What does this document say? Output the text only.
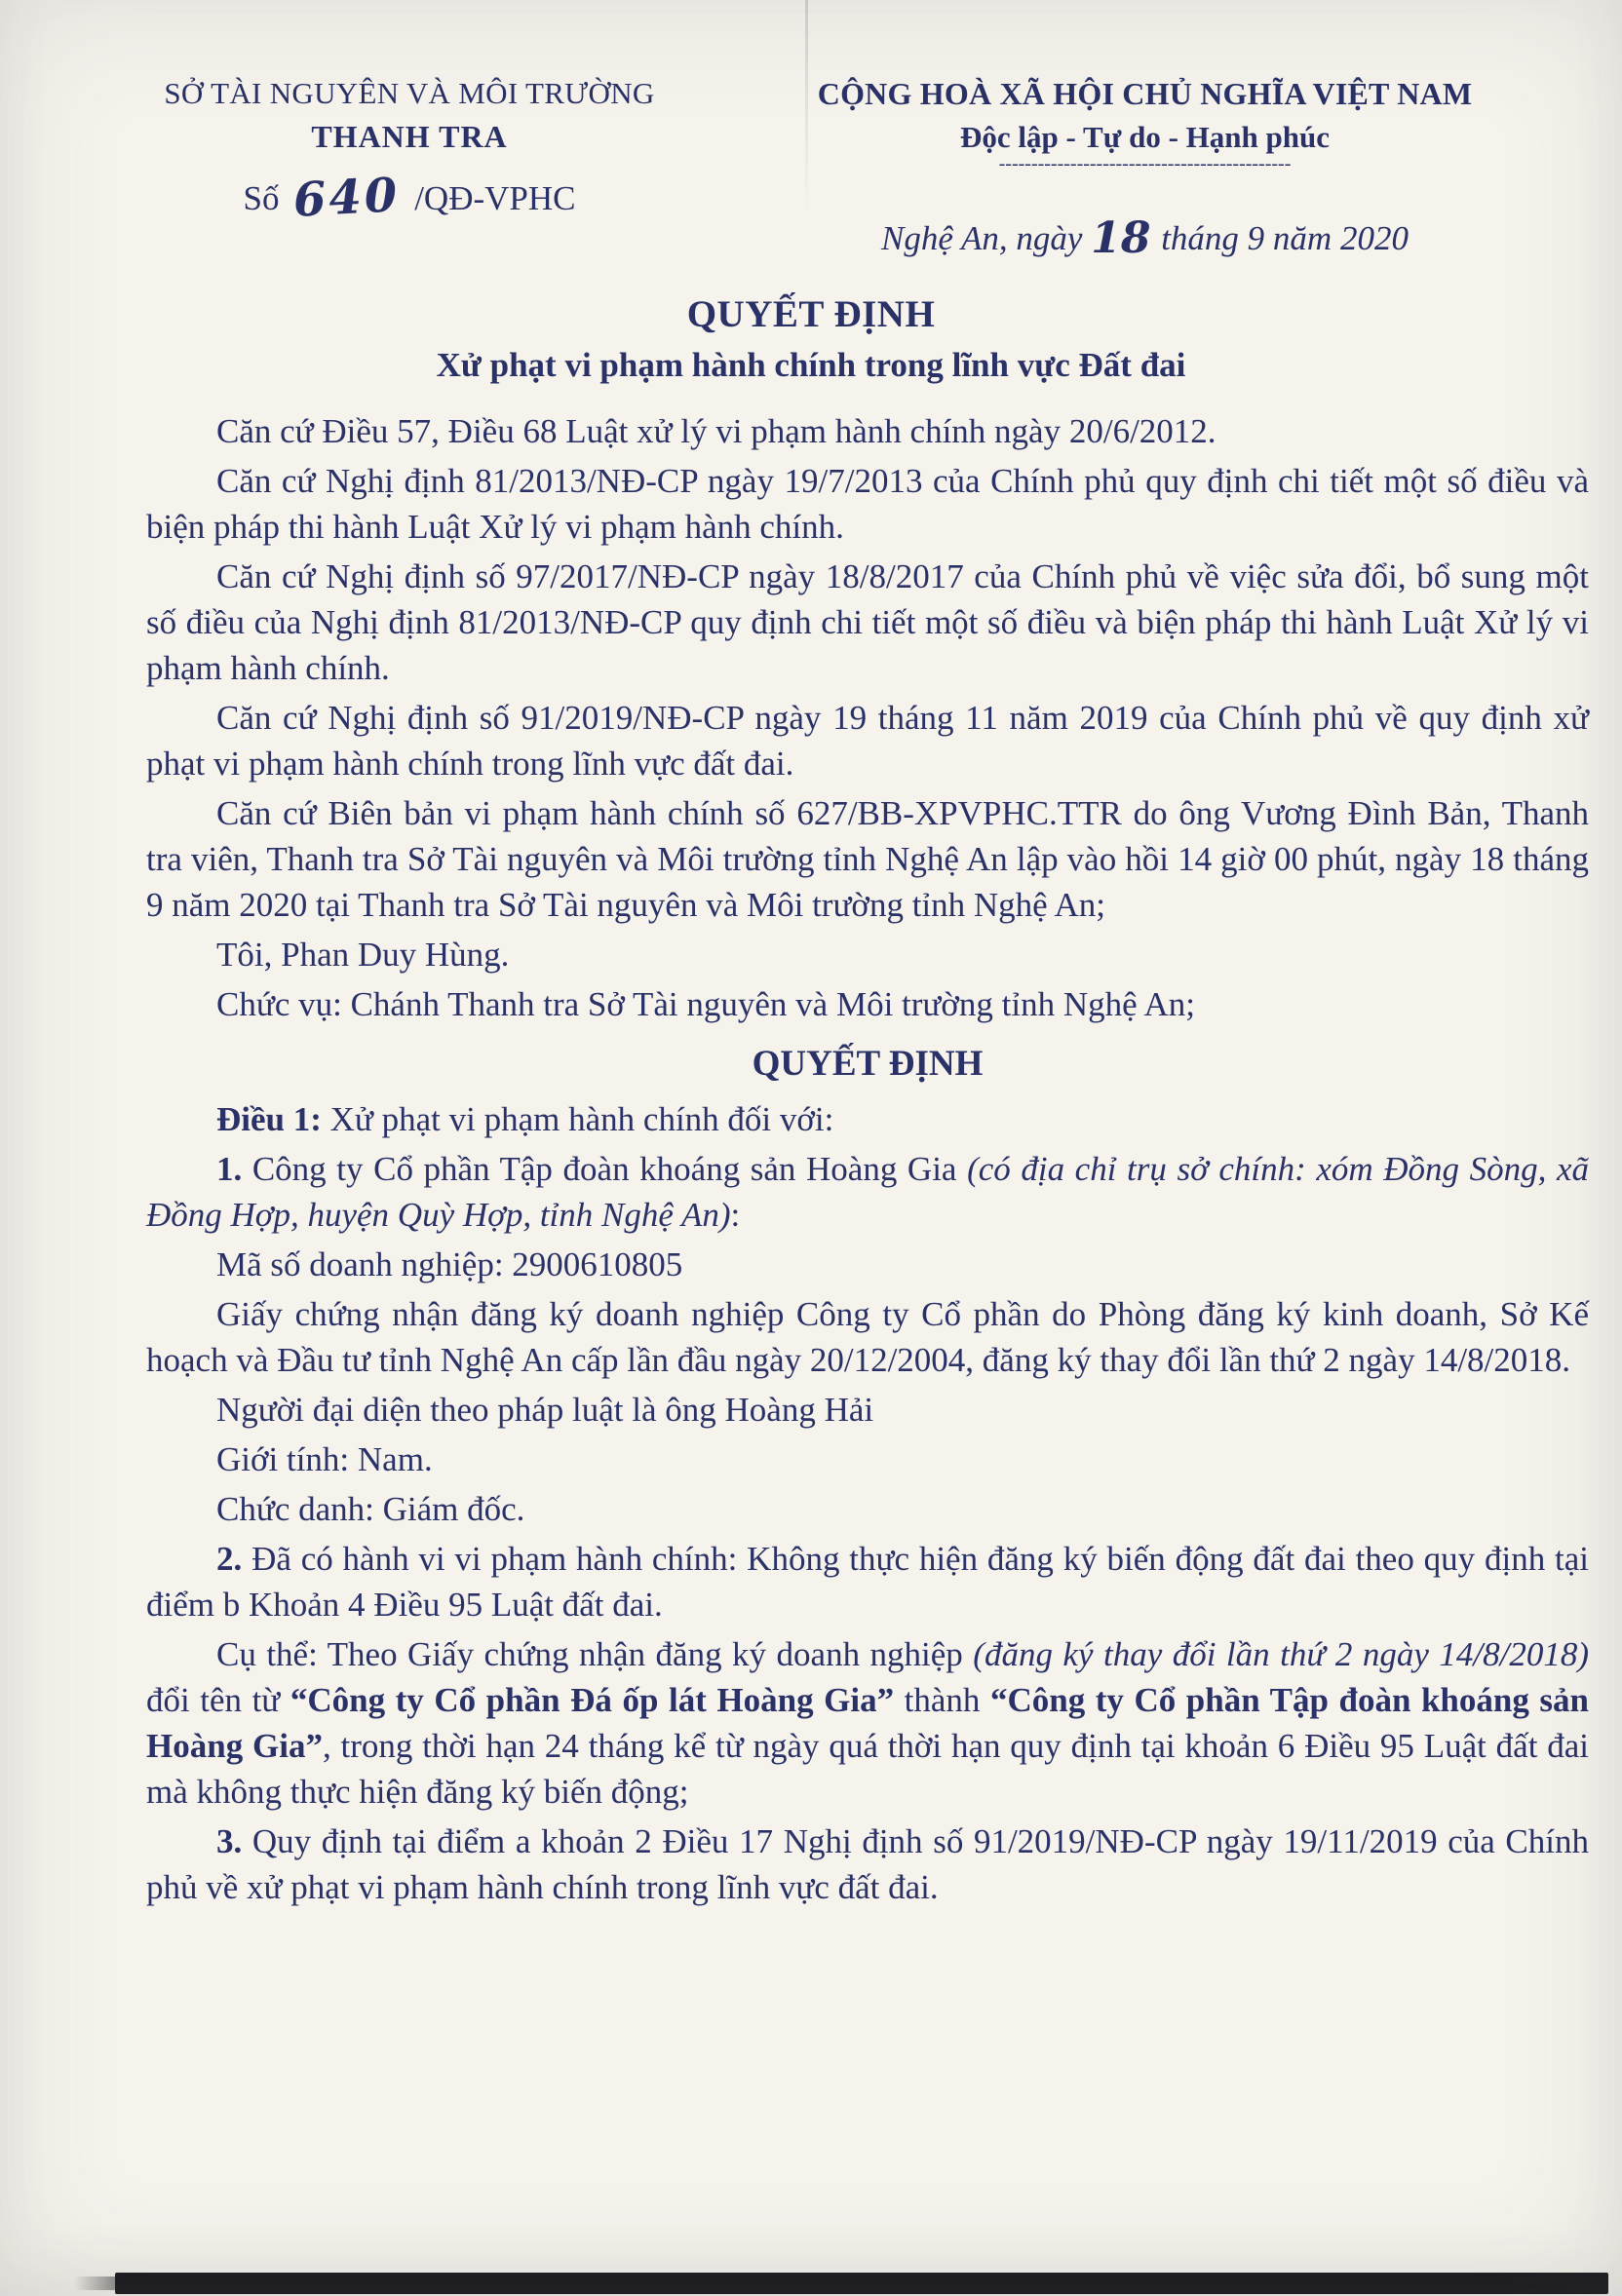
SỞ TÀI NGUYÊN VÀ MÔI TRƯỜNG
THANH TRA
Số 640 /QĐ-VPHC
CỘNG HOÀ XÃ HỘI CHỦ NGHĨA VIỆT NAM
Độc lập - Tự do - Hạnh phúc
---------------------------------------------
Nghệ An, ngày 18 tháng 9 năm 2020
QUYẾT ĐỊNH
Xử phạt vi phạm hành chính trong lĩnh vực Đất đai

Căn cứ Điều 57, Điều 68 Luật xử lý vi phạm hành chính ngày 20/6/2012.

Căn cứ Nghị định 81/2013/NĐ-CP ngày 19/7/2013 của Chính phủ quy định chi tiết một số điều và biện pháp thi hành Luật Xử lý vi phạm hành chính.

Căn cứ Nghị định số 97/2017/NĐ-CP ngày 18/8/2017 của Chính phủ về việc sửa đổi, bổ sung một số điều của Nghị định 81/2013/NĐ-CP quy định chi tiết một số điều và biện pháp thi hành Luật Xử lý vi phạm hành chính.

Căn cứ Nghị định số 91/2019/NĐ-CP ngày 19 tháng 11 năm 2019 của Chính phủ về quy định xử phạt vi phạm hành chính trong lĩnh vực đất đai.

Căn cứ Biên bản vi phạm hành chính số 627/BB-XPVPHC.TTR do ông Vương Đình Bản, Thanh tra viên, Thanh tra Sở Tài nguyên và Môi trường tỉnh Nghệ An lập vào hồi 14 giờ 00 phút, ngày 18 tháng 9 năm 2020 tại Thanh tra Sở Tài nguyên và Môi trường tỉnh Nghệ An;

Tôi, Phan Duy Hùng.

Chức vụ: Chánh Thanh tra Sở Tài nguyên và Môi trường tỉnh Nghệ An;

QUYẾT ĐỊNH

Điều 1: Xử phạt vi phạm hành chính đối với:

1. Công ty Cổ phần Tập đoàn khoáng sản Hoàng Gia (có địa chỉ trụ sở chính: xóm Đồng Sòng, xã Đồng Hợp, huyện Quỳ Hợp, tỉnh Nghệ An):

Mã số doanh nghiệp: 2900610805

Giấy chứng nhận đăng ký doanh nghiệp Công ty Cổ phần do Phòng đăng ký kinh doanh, Sở Kế hoạch và Đầu tư tỉnh Nghệ An cấp lần đầu ngày 20/12/2004, đăng ký thay đổi lần thứ 2 ngày 14/8/2018.

Người đại diện theo pháp luật là ông Hoàng Hải

Giới tính: Nam.

Chức danh: Giám đốc.

2. Đã có hành vi vi phạm hành chính: Không thực hiện đăng ký biến động đất đai theo quy định tại điểm b Khoản 4 Điều 95 Luật đất đai.

Cụ thể: Theo Giấy chứng nhận đăng ký doanh nghiệp (đăng ký thay đổi lần thứ 2 ngày 14/8/2018) đổi tên từ “Công ty Cổ phần Đá ốp lát Hoàng Gia” thành “Công ty Cổ phần Tập đoàn khoáng sản Hoàng Gia”, trong thời hạn 24 tháng kể từ ngày quá thời hạn quy định tại khoản 6 Điều 95 Luật đất đai mà không thực hiện đăng ký biến động;

3. Quy định tại điểm a khoản 2 Điều 17 Nghị định số 91/2019/NĐ-CP ngày 19/11/2019 của Chính phủ về xử phạt vi phạm hành chính trong lĩnh vực đất đai.
